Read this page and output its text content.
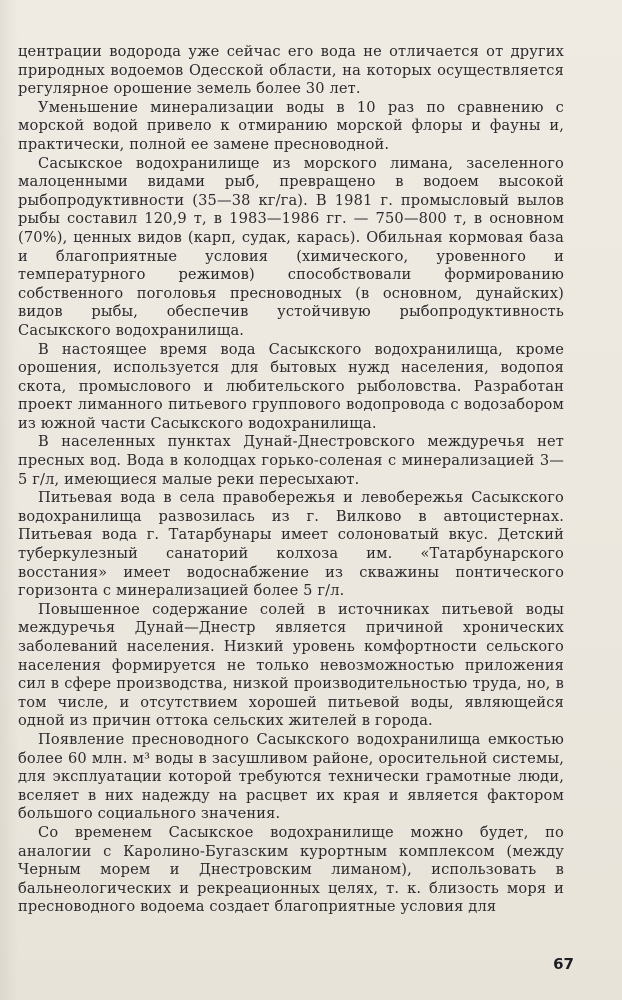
центрации водорода уже сейчас его вода не отличается от других природных водоемов Одесской области, на которых осуществляется регулярное орошение земель более 30 лет.

Уменьшение минерализации воды в 10 раз по сравнению с морской водой привело к отмиранию морской флоры и фауны и, практически, полной ее замене пресноводной.

Сасыкское водохранилище из морского лимана, заселенного малоценными видами рыб, превращено в водоем высокой рыбопродуктивности (35—38 кг/га). В 1981 г. промысловый вылов рыбы составил 120,9 т, в 1983—1986 гг. — 750—800 т, в основном (70%), ценных видов (карп, судак, карась). Обильная кормовая база и благоприятные условия (химического, уровенного и температурного режимов) способствовали формированию собственного поголовья пресноводных (в основном, дунайских) видов рыбы, обеспечив устойчивую рыбопродуктивность Сасыкского водохранилища.

В настоящее время вода Сасыкского водохранилища, кроме орошения, используется для бытовых нужд населения, водопоя скота, промыслового и любительского рыболовства. Разработан проект лиманного питьевого группового водопровода с водозабором из южной части Сасыкского водохранилища.

В населенных пунктах Дунай-Днестровского междуречья нет пресных вод. Вода в колодцах горько-соленая с минерализацией 3—5 г/л, имеющиеся малые реки пересыхают.

Питьевая вода в села правобережья и левобережья Сасыкского водохранилища развозилась из г. Вилково в автоцистернах. Питьевая вода г. Татарбунары имеет солоноватый вкус. Детский туберкулезный санаторий колхоза им. «Татарбунарского восстания» имеет водоснабжение из скважины понтического горизонта с минерализацией более 5 г/л.

Повышенное содержание солей в источниках питьевой воды междуречья Дунай—Днестр является причиной хронических заболеваний населения. Низкий уровень комфортности сельского населения формируется не только невозможностью приложения сил в сфере производства, низкой производительностью труда, но, в том числе, и отсутствием хорошей питьевой воды, являющейся одной из причин оттока сельских жителей в города.

Появление пресноводного Сасыкского водохранилища емкостью более 60 млн. м³ воды в засушливом районе, оросительной системы, для эксплуатации которой требуются технически грамотные люди, вселяет в них надежду на расцвет их края и является фактором большого социального значения.

Со временем Сасыкское водохранилище можно будет, по аналогии с Каролино-Бугазским курортным комплексом (между Черным морем и Днестровским лиманом), использовать в бальнеологических и рекреационных целях, т. к. близость моря и пресноводного водоема создает благоприятные условия для

67
